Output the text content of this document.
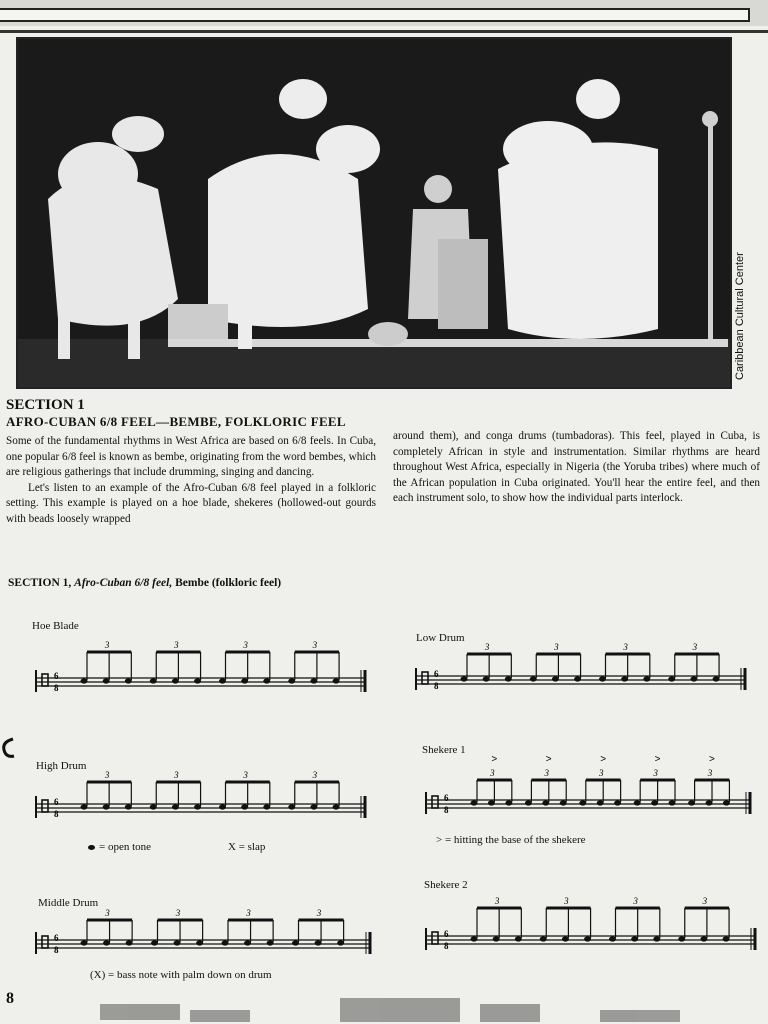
Caribbean Cultural Center
SECTION 1
AFRO-CUBAN 6/8 FEEL—BEMBE, FOLKLORIC FEEL

Some of the fundamental rhythms in West Africa are based on 6/8 feels. In Cuba, one popular 6/8 feel is known as bembe, originating from the word bembes, which are religious gatherings that include drumming, singing and dancing.

Let's listen to an example of the Afro-Cuban 6/8 feel played in a folkloric setting. This example is played on a hoe blade, shekeres (hollowed-out gourds with beads loosely wrapped

around them), and conga drums (tumbadoras). This feel, played in Cuba, is completely African in style and instrumentation. Similar rhythms are heard throughout West Africa, especially in Nigeria (the Yoruba tribes) where much of the African population in Cuba originated. You'll hear the entire feel, and then each instrument solo, to show how the individual parts interlock.

SECTION 1, Afro-Cuban 6/8 feel, Bembe (folkloric feel)
Hoe Blade
Low Drum
High Drum
Shekere 1
Middle Drum
Shekere 2
6
8
3	3	3	3
6
8
3	3	3	3
6
8
3	3	3	3
6
8
3
>
3
>
3
>
3
>
3
>
6
8
3	3	3	3
6
8
3	3	3	3
= open tone	X = slap
> = hitting the base of the shekere
(X) = bass note with palm down on drum
8
